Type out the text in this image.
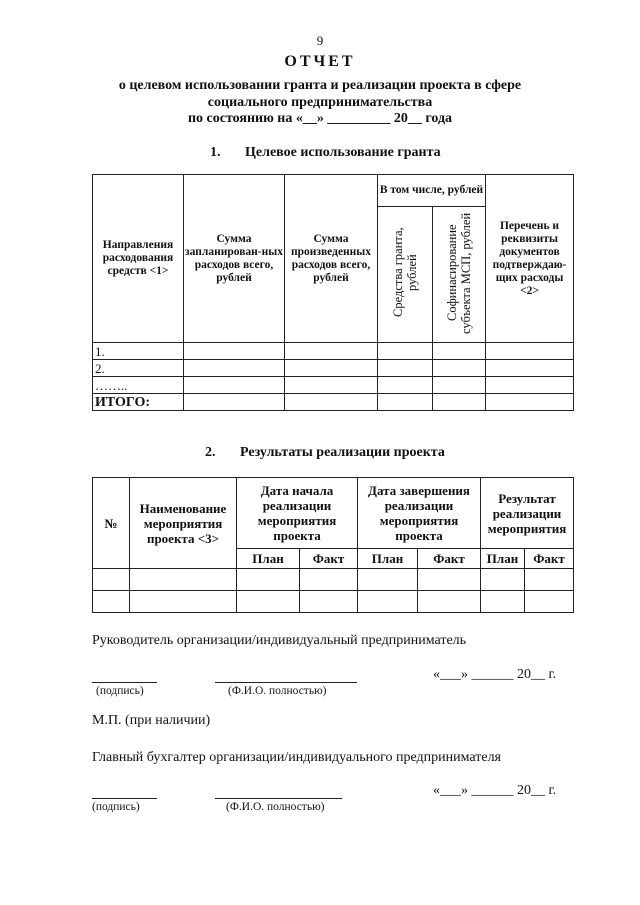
9
ОТЧЕТ
о целевом использовании гранта и реализации проекта в сфере
социального предпринимательства
по состоянию на «__» _________ 20__ года
1. Целевое использование гранта
Направления расходования средств <1>	Сумма запланирован-ных расходов всего, рублей	Сумма произведенных расходов всего, рублей	В том числе, рублей		Перечень и реквизиты документов подтверждаю-щих расходы <2>
			Средства гранта, рублей	Софинасирование субъекта МСП, рублей	
1.					
2.					
……..					
ИТОГО:					
2. Результаты реализации проекта
№	Наименование мероприятия проекта <3>	Дата начала реализации мероприятия проекта		Дата завершения реализации мероприятия проекта		Результат реализации мероприятия	
		План	Факт	План	Факт	План	Факт

Руководитель организации/индивидуальный предприниматель
«___» ______ 20__ г.
(подпись)	(Ф.И.О. полностью)
М.П. (при наличии)
Главный бухгалтер организации/индивидуального предпринимателя
«___» ______ 20__ г.
(подпись)	(Ф.И.О. полностью)
